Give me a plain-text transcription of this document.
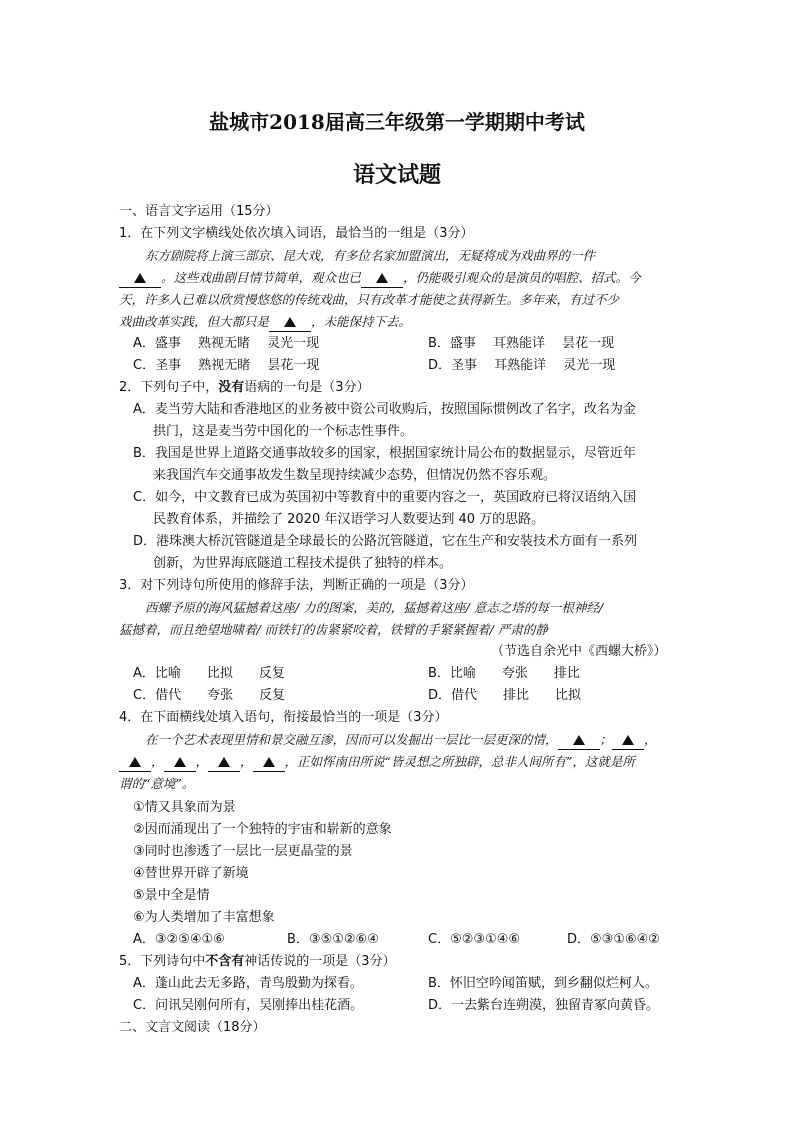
盐城市2018届高三年级第一学期期中考试
语文试题
一、语言文字运用（15分）
1．在下列文字横线处依次填入词语，最恰当的一组是（3分）
东方剧院将上演三部京、昆大戏，有多位名家加盟演出，无疑将成为戏曲界的一件
。这些戏曲剧目情节简单，观众也已	，仍能吸引观众的是演员的唱腔、招式。今
天，许多人已难以欣赏慢悠悠的传统戏曲，只有改革才能使之获得新生。多年来，有过不少
戏曲改革实践，但大都只是	，未能保持下去。
A．盛事　 熟视无睹　 灵光一现	B．盛事　 耳熟能详　 昙花一现
C．圣事　 熟视无睹　 昙花一现	D．圣事　 耳熟能详　 灵光一现
2．下列句子中，没有语病的一句是（3分）
A．麦当劳大陆和香港地区的业务被中资公司收购后，按照国际惯例改了名字，改名为金
拱门，这是麦当劳中国化的一个标志性事件。
B．我国是世界上道路交通事故较多的国家，根据国家统计局公布的数据显示，尽管近年
来我国汽车交通事故发生数呈现持续减少态势，但情况仍然不容乐观。
C．如今，中文教育已成为英国初中等教育中的重要内容之一，英国政府已将汉语纳入国
民教育体系，并描绘了 2020 年汉语学习人数要达到 40 万的思路。
D．港珠澳大桥沉管隧道是全球最长的公路沉管隧道，它在生产和安装技术方面有一系列
创新，为世界海底隧道工程技术提供了独特的样本。
3．对下列诗句所使用的修辞手法，判断正确的一项是（3分）
西螺予原的海风猛撼着这座/ 力的图案，美的，猛撼着这座/ 意志之塔的每一根神经/
猛撼着，而且绝望地啸着/ 而铁钉的齿紧紧咬着，铁臂的手紧紧握着/ 严肃的静
（节选自余光中《西螺大桥》）
A．比喻　　比拟　　反复	B．比喻　　夸张　　排比
C．借代　　夸张　　反复	D．借代　　排比　　比拟
4．在下面横线处填入语句，衔接最恰当的一项是（3分）
在一个艺术表现里情和景交融互渗，因而可以发掘出一层比一层更深的情，	；	，
，	，	，	，正如恽南田所说“皆灵想之所独辟，总非人间所有”，这就是所
谓的“意境”。
①情又具象而为景
②因而涌现出了一个独特的宇宙和崭新的意象
③同时也渗透了一层比一层更晶莹的景
④替世界开辟了新境
⑤景中全是情
⑥为人类增加了丰富想象
A．③②⑤④①⑥	B．③⑤①②⑥④	C．⑤②③①④⑥	D．⑤③①⑥④②
5．下列诗句中不含有神话传说的一项是（3分）
A．蓬山此去无多路，青鸟殷勤为探看。	B．怀旧空吟闻笛赋，到乡翻似烂柯人。
C．问讯吴刚何所有，吴刚捧出桂花酒。	D．一去紫台连朔漠，独留青冢向黄昏。
二、文言文阅读（18分）
